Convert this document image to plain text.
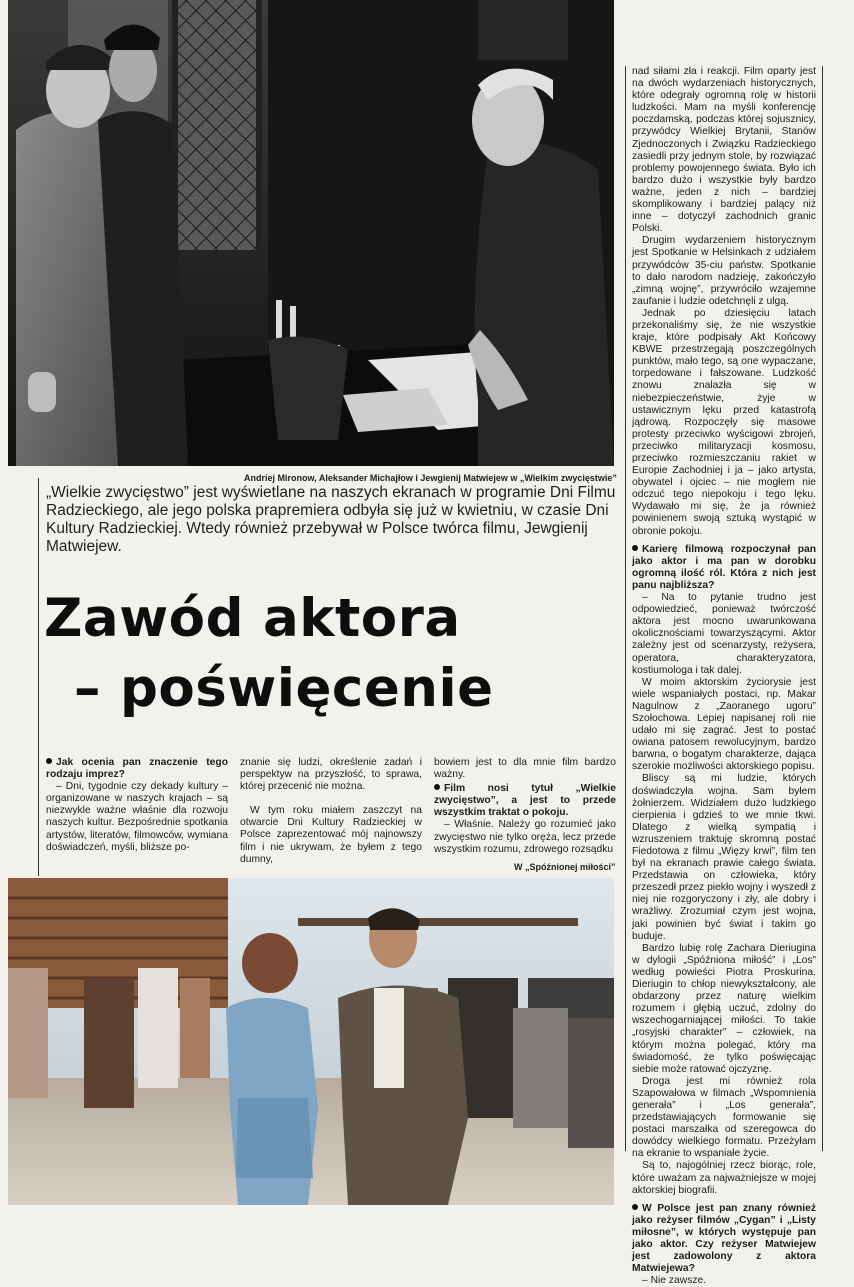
Andriej Mironow, Aleksander Michajłow i Jewgienij Matwiejew w „Wielkim zwycięstwie”
„Wielkie zwycięstwo” jest wyświetlane na naszych ekranach w programie Dni Filmu Radzieckiego, ale jego polska prapremiera odbyła się już w kwietniu, w czasie Dni Kultury Radzieckiej. Wtedy również przebywał w Polsce twórca filmu, Jewgienij Matwiejew.
Zawód aktora
– poświęcenie

Jak ocenia pan znaczenie tego rodzaju imprez?

– Dni, tygodnie czy dekady kultury – organizowane w naszych krajach – są niezwykle ważne właśnie dla rozwoju naszych kultur. Bezpośrednie spotkania artystów, literatów, filmowców, wymiana doświadczeń, myśli, bliższe po-

znanie się ludzi, określenie zadań i perspektyw na przyszłość, to sprawa, której przecenić nie można.

W tym roku miałem zaszczyt na otwarcie Dni Kultury Radzieckiej w Polsce zaprezentować mój najnowszy film i nie ukrywam, że byłem z tego dumny,

bowiem jest to dla mnie film bardzo ważny.

Film nosi tytuł „Wielkie zwycięstwo”, a jest to przede wszystkim traktat o pokoju.

– Właśnie. Należy go rozumieć jako zwycięstwo nie tylko oręża, lecz przede wszystkim rozumu, zdrowego rozsądku

W „Spóźnionej miłości”

nad siłami zła i reakcji. Film oparty jest na dwóch wydarzeniach historycznych, które odegrały ogromną rolę w historii ludzkości. Mam na myśli konferencję poczdamską, podczas której sojusznicy, przywódcy Wielkiej Brytanii, Stanów Zjednoczonych i Związku Radzieckiego zasiedli przy jednym stole, by rozwiązać problemy powojennego świata. Było ich bardzo dużo i wszystkie były bardzo ważne, jeden z nich – bardziej skomplikowany i bardziej palący niż inne – dotyczył zachodnich granic Polski.

Drugim wydarzeniem historycznym jest Spotkanie w Helsinkach z udziałem przywódców 35-ciu państw. Spotkanie to dało narodom nadzieję, zakończyło „zimną wojnę”, przywróciło wzajemne zaufanie i ludzie odetchnęli z ulgą.

Jednak po dziesięciu latach przekonaliśmy się, że nie wszystkie kraje, które podpisały Akt Końcowy KBWE przestrzegają poszczególnych punktów, mało tego, są one wypaczane, torpedowane i fałszowane. Ludzkość znowu znalazła się w niebezpieczeństwie, żyje w ustawicznym lęku przed katastrofą jądrową. Rozpoczęły się masowe protesty przeciwko wyścigowi zbrojeń, przeciwko militaryzacji kosmosu, przeciwko rozmieszczaniu rakiet w Europie Zachodniej i ja – jako artysta, obywatel i ojciec – nie mogłem nie odczuć tego niepokoju i tego lęku. Wydawało mi się, że ja również powinienem swoją sztuką wystąpić w obronie pokoju.

Karierę filmową rozpoczynał pan jako aktor i ma pan w dorobku ogromną ilość ról. Która z nich jest panu najbliższa?

– Na to pytanie trudno jest odpowiedzieć, ponieważ twórczość aktora jest mocno uwarunkowana okolicznościami towarzyszącymi. Aktor zależny jest od scenarzysty, reżysera, operatora, charakteryzatora, kostiumologa i tak dalej.

W moim aktorskim życiorysie jest wiele wspaniałych postaci, np. Makar Nagulnow z „Zaoranego ugoru” Szołochowa. Lepiej napisanej roli nie udało mi się zagrać. Jest to postać owiana patosem rewolucyjnym, bardzo barwna, o bogatym charakterze, dająca szerokie możliwości aktorskiego popisu.

Bliscy są mi ludzie, których doświadczyła wojna. Sam byłem żołnierzem. Widziałem dużo ludzkiego cierpienia i gdzieś to we mnie tkwi. Dlatego z wielką sympatią i wzruszeniem traktuję skromną postać Fiedotowa z filmu „Więzy krwi”, film ten był na ekranach prawie całego świata. Przedstawia on człowieka, który przeszedł przez piekło wojny i wyszedł z niej nie rozgoryczony i zły, ale dobry i wrażliwy. Zrozumiał czym jest wojna, jaki powinien być świat i takim go buduje.

Bardzo lubię rolę Zachara Dieriugina w dylogii „Spóźniona miłość” i „Los” według powieści Piotra Proskurina. Dieriugin to chłop niewykształcony, ale obdarzony przez naturę wielkim rozumem i głębią uczuć, zdolny do wszechogarniającej miłości. To takie „rosyjski charakter” – człowiek, na którym można polegać, który ma świadomość, że tylko poświęcając siebie może ratować ojczyznę.

Droga jest mi również rola Szapowałowa w filmach „Wspomnienia generała” i „Los generała”, przedstawiających formowanie się postaci marszałka od szeregowca do dowódcy wielkiego formatu. Przeżyłam na ekranie to wspaniałe życie.

Są to, najogólniej rzecz biorąc, role, które uważam za najważniejsze w mojej aktorskiej biografii.

W Polsce jest pan znany również jako reżyser filmów „Cygan” i „Listy miłosne”, w których występuje pan jako aktor. Czy reżyser Matwiejew jest zadowolony z aktora Matwiejewa?

– Nie zawsze.
